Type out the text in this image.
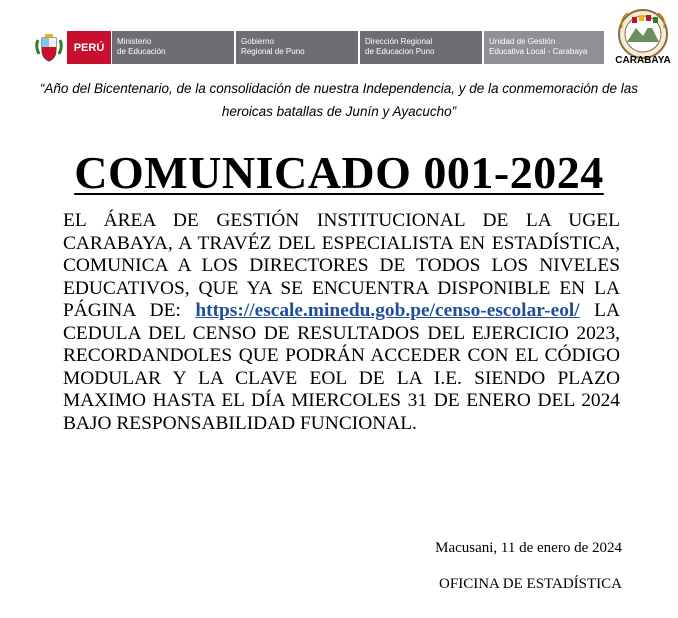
PERÚ	Ministerio
de Educación
Gobierno
Regional de Puno
Dirección Regional
de Educacion Puno
Unidad de Gestión
Educativa Local - Carabaya
CARABAYA
“Año del Bicentenario, de la consolidación de nuestra Independencia, y de la conmemoración de las heroicas batallas de Junín y Ayacucho”
COMUNICADO 001-2024
EL ÁREA DE GESTIÓN INSTITUCIONAL DE LA UGEL CARABAYA, A TRAVÉZ DEL ESPECIALISTA EN ESTADÍSTICA, COMUNICA A LOS DIRECTORES DE TODOS LOS NIVELES EDUCATIVOS, QUE YA SE ENCUENTRA DISPONIBLE EN LA PÁGINA DE: https://escale.minedu.gob.pe/censo-escolar-eol/ LA CEDULA DEL CENSO DE RESULTADOS DEL EJERCICIO 2023, RECORDANDOLES QUE PODRÁN ACCEDER CON EL CÓDIGO MODULAR Y LA CLAVE EOL DE LA I.E. SIENDO PLAZO MAXIMO HASTA EL DÍA MIERCOLES 31 DE ENERO DEL 2024 BAJO RESPONSABILIDAD FUNCIONAL.
Macusani, 11 de enero de 2024
OFICINA DE ESTADÍSTICA
